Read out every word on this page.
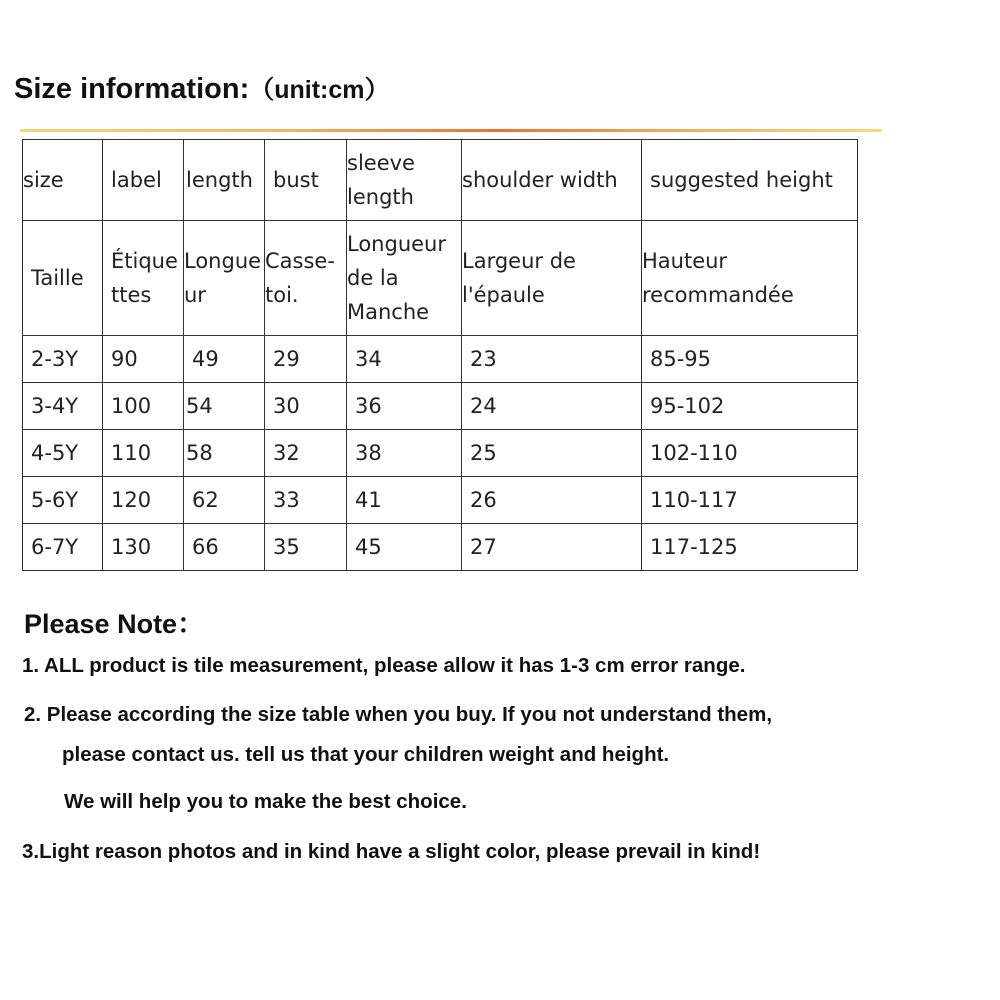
Size information:（unit:cm）
size	label	length	bust	sleeve length	shoulder width	suggested height
Taille	Étiquettes	Longueur	Casse- toi.	Longueur de la Manche	Largeur de l'épaule	Hauteur recommandée
2-3Y	90	49	29	34	23	85-95
3-4Y	100	54	30	36	24	95-102
4-5Y	110	58	32	38	25	102-110
5-6Y	120	62	33	41	26	110-117
6-7Y	130	66	35	45	27	117-125
Please Note：
1. ALL product is tile measurement, please allow it has 1-3 cm error range.
2. Please according the size table when you buy. If you not understand them,
please contact us. tell us that your children weight and height.
We will help you to make the best choice.
3.Light reason photos and in kind have a slight color, please prevail in kind!
